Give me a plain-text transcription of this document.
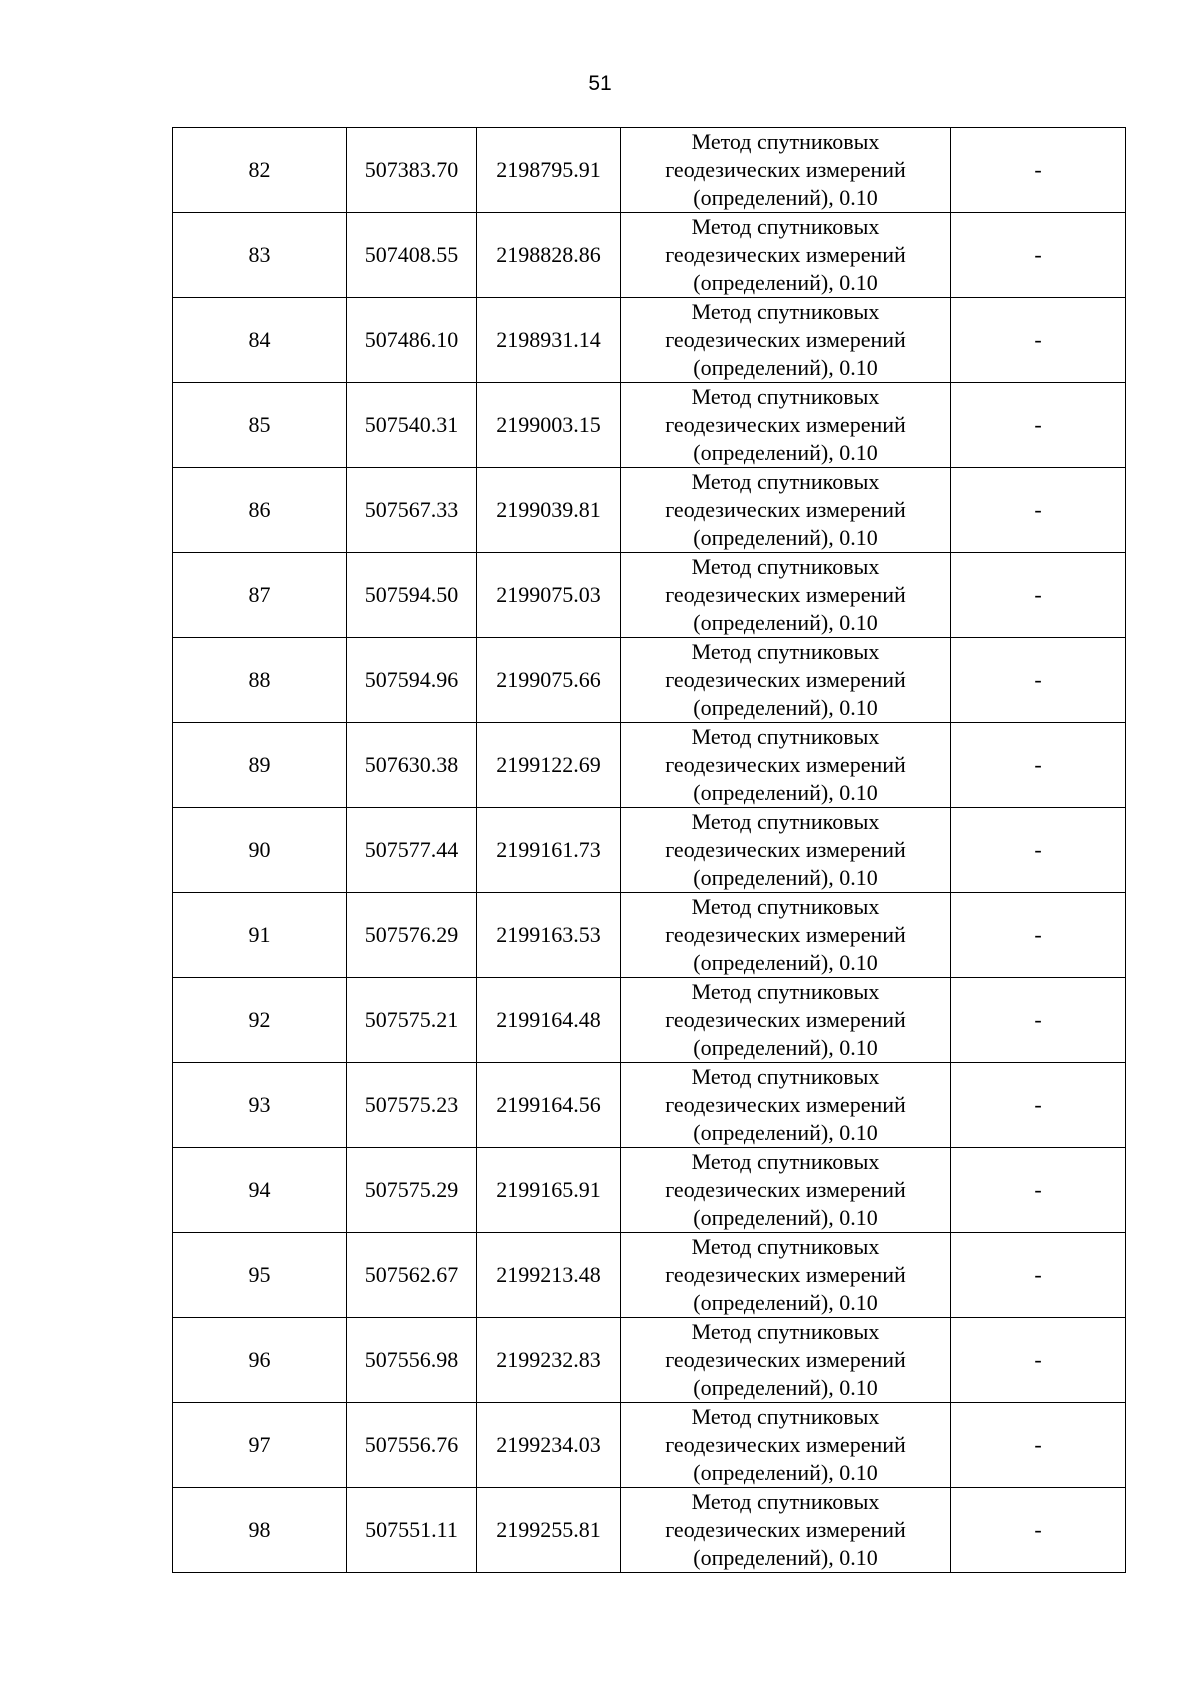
51
82	507383.70	2198795.91	Метод спутниковых
геодезических измерений
(определений), 0.10	-
83	507408.55	2198828.86	Метод спутниковых
геодезических измерений
(определений), 0.10	-
84	507486.10	2198931.14	Метод спутниковых
геодезических измерений
(определений), 0.10	-
85	507540.31	2199003.15	Метод спутниковых
геодезических измерений
(определений), 0.10	-
86	507567.33	2199039.81	Метод спутниковых
геодезических измерений
(определений), 0.10	-
87	507594.50	2199075.03	Метод спутниковых
геодезических измерений
(определений), 0.10	-
88	507594.96	2199075.66	Метод спутниковых
геодезических измерений
(определений), 0.10	-
89	507630.38	2199122.69	Метод спутниковых
геодезических измерений
(определений), 0.10	-
90	507577.44	2199161.73	Метод спутниковых
геодезических измерений
(определений), 0.10	-
91	507576.29	2199163.53	Метод спутниковых
геодезических измерений
(определений), 0.10	-
92	507575.21	2199164.48	Метод спутниковых
геодезических измерений
(определений), 0.10	-
93	507575.23	2199164.56	Метод спутниковых
геодезических измерений
(определений), 0.10	-
94	507575.29	2199165.91	Метод спутниковых
геодезических измерений
(определений), 0.10	-
95	507562.67	2199213.48	Метод спутниковых
геодезических измерений
(определений), 0.10	-
96	507556.98	2199232.83	Метод спутниковых
геодезических измерений
(определений), 0.10	-
97	507556.76	2199234.03	Метод спутниковых
геодезических измерений
(определений), 0.10	-
98	507551.11	2199255.81	Метод спутниковых
геодезических измерений
(определений), 0.10	-
